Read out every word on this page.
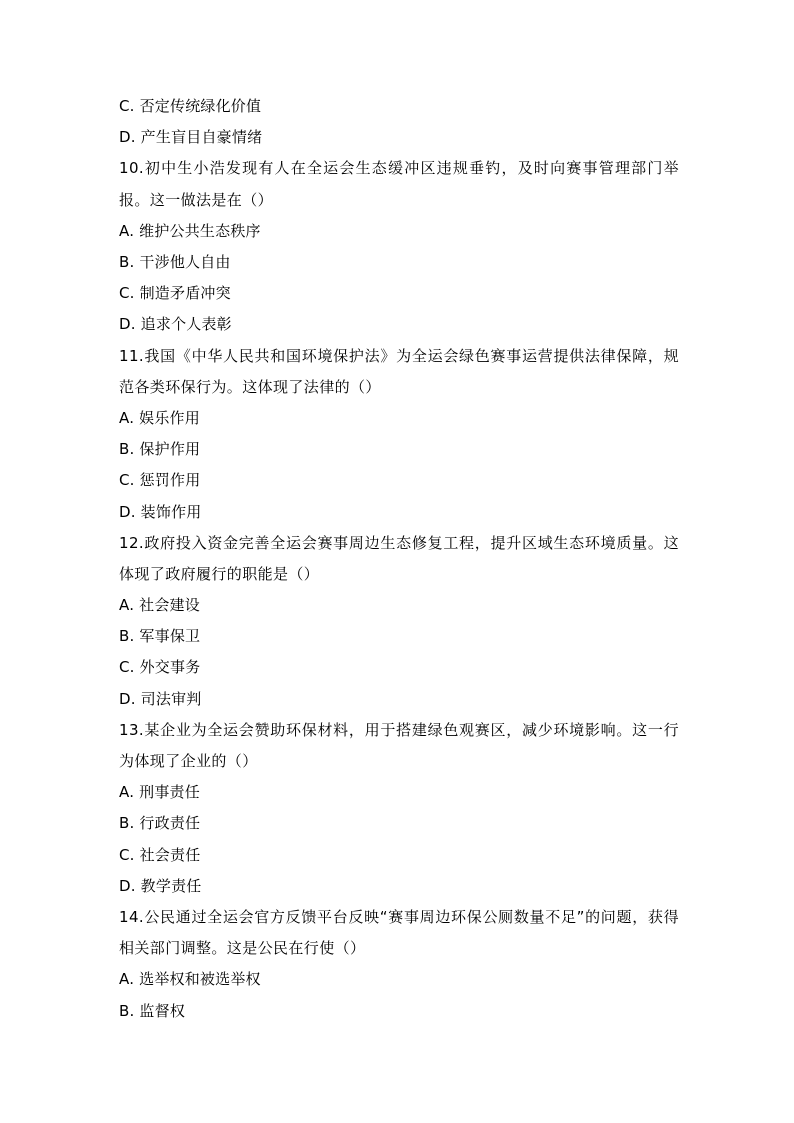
C. 否定传统绿化价值
D. 产生盲目自豪情绪
10.初中生小浩发现有人在全运会生态缓冲区违规垂钓，及时向赛事管理部门举报。这一做法是在（）
A. 维护公共生态秩序
B. 干涉他人自由
C. 制造矛盾冲突
D. 追求个人表彰
11.我国《中华人民共和国环境保护法》为全运会绿色赛事运营提供法律保障，规范各类环保行为。这体现了法律的（）
A. 娱乐作用
B. 保护作用
C. 惩罚作用
D. 装饰作用
12.政府投入资金完善全运会赛事周边生态修复工程，提升区域生态环境质量。这体现了政府履行的职能是（）
A. 社会建设
B. 军事保卫
C. 外交事务
D. 司法审判
13.某企业为全运会赞助环保材料，用于搭建绿色观赛区，减少环境影响。这一行为体现了企业的（）
A. 刑事责任
B. 行政责任
C. 社会责任
D. 教学责任
14.公民通过全运会官方反馈平台反映“赛事周边环保公厕数量不足”的问题，获得相关部门调整。这是公民在行使（）
A. 选举权和被选举权
B. 监督权
